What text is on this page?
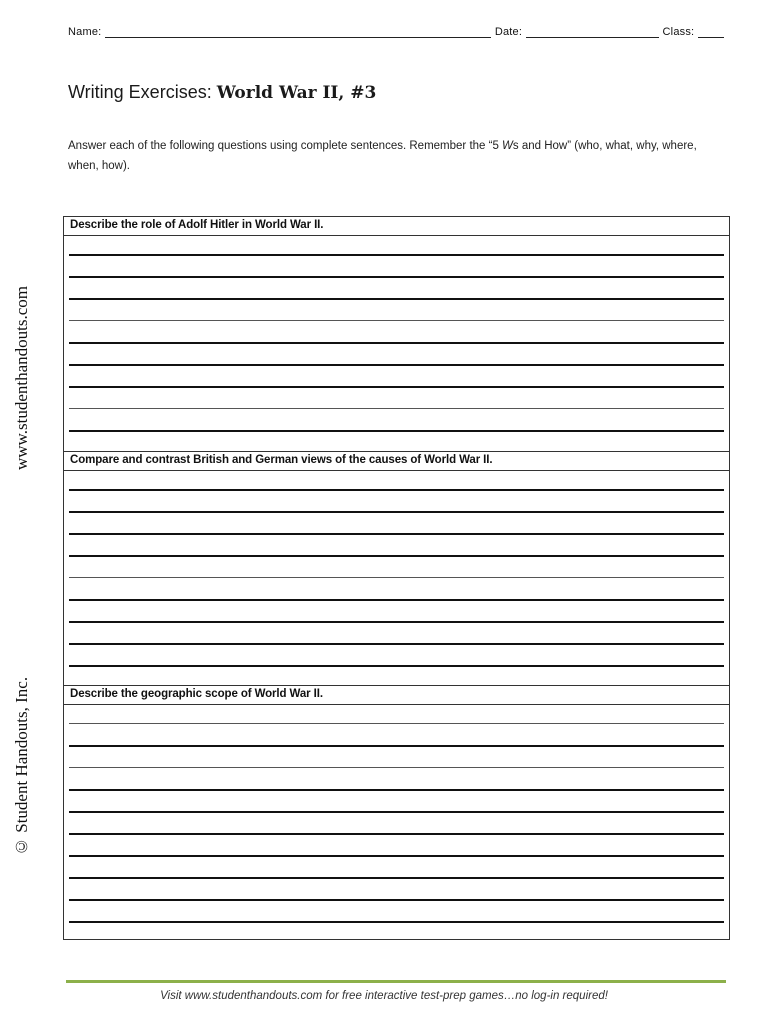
Name:	Date:	Class:
Writing Exercises: World War II, #3
Answer each of the following questions using complete sentences. Remember the “5 Ws and How” (who, what, why, where, when, how).
www.studenthandouts.com
© Student Handouts, Inc.
Describe the role of Adolf Hitler in World War II.
Compare and contrast British and German views of the causes of World War II.
Describe the geographic scope of World War II.
Visit www.studenthandouts.com for free interactive test-prep games…no log-in required!
